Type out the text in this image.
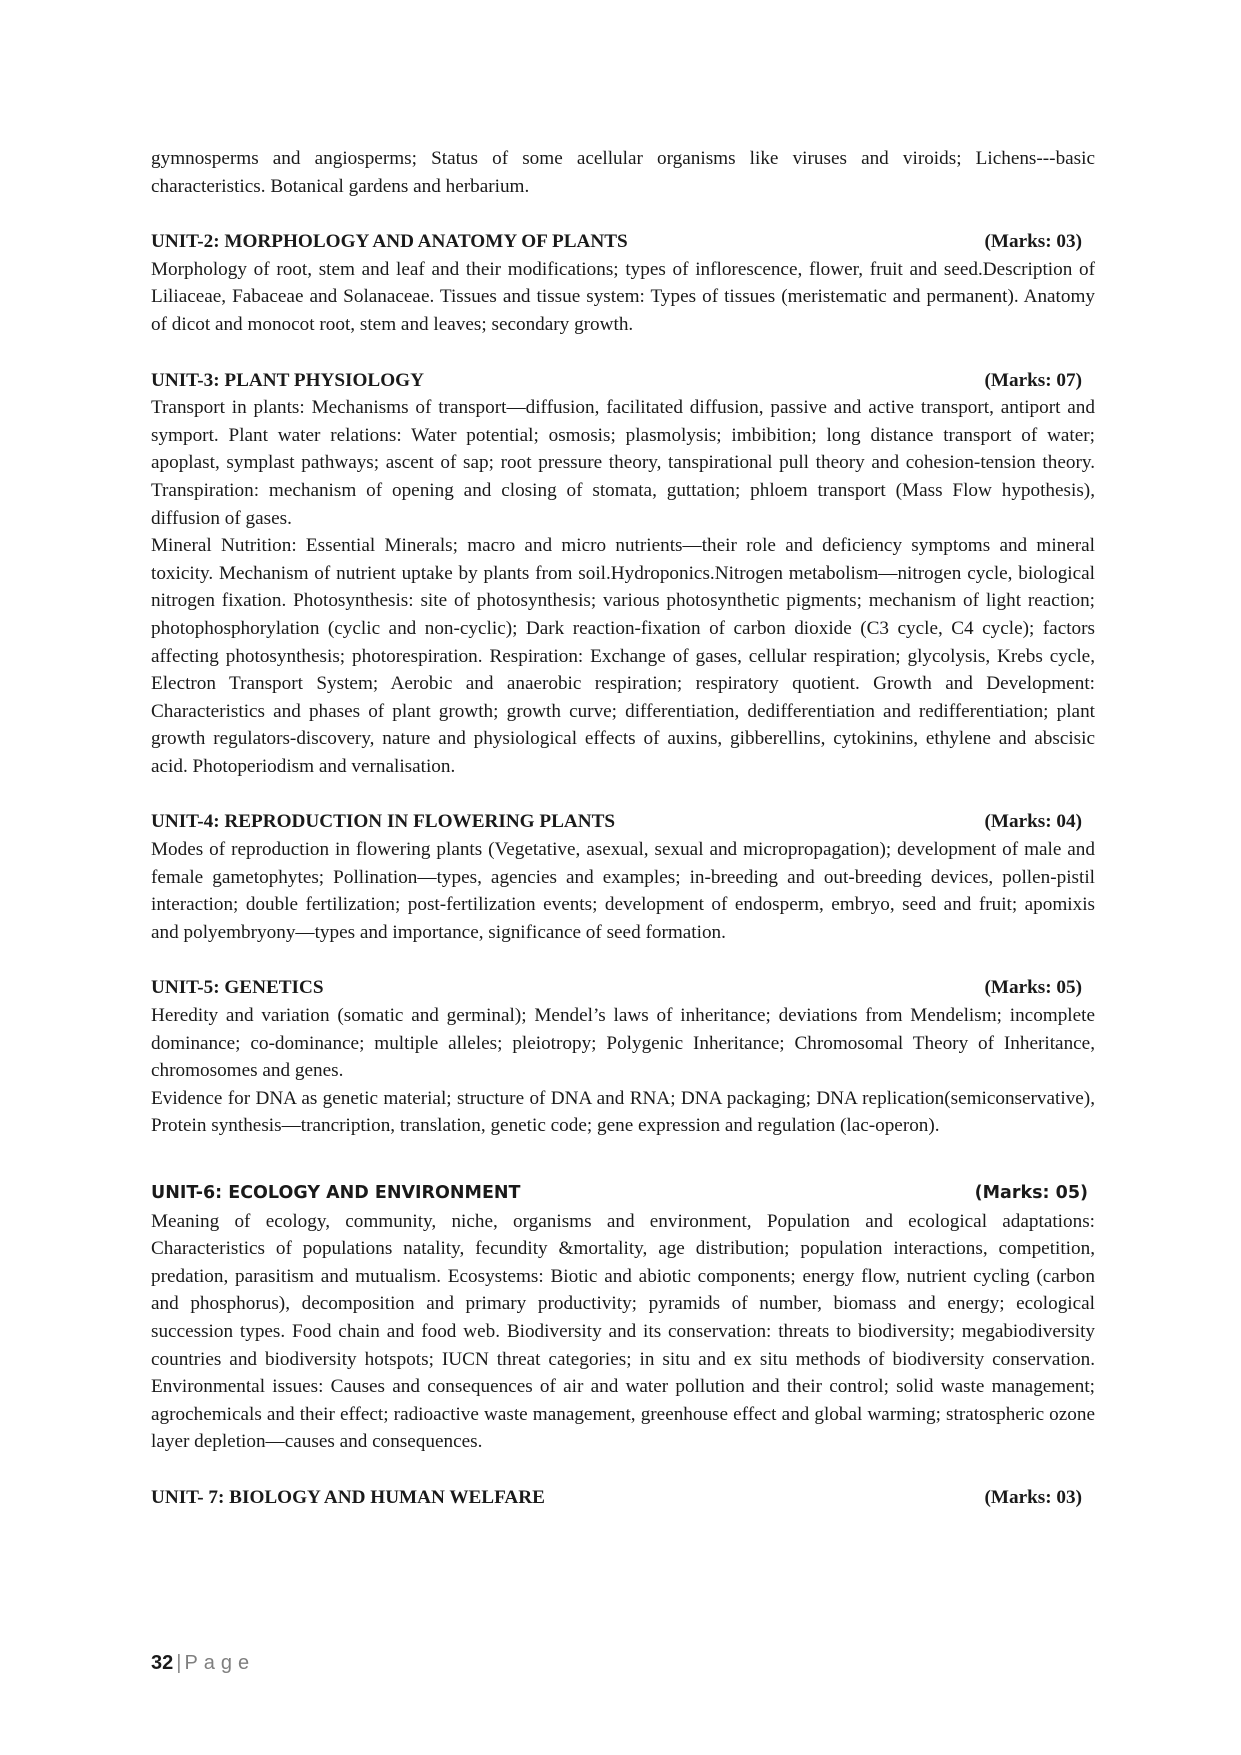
gymnosperms and angiosperms; Status of some acellular organisms like viruses and viroids; Lichens---basic characteristics. Botanical gardens and herbarium.

UNIT-2: MORPHOLOGY AND ANATOMY OF PLANTS	(Marks: 03)

Morphology of root, stem and leaf and their modifications; types of inflorescence, flower, fruit and seed.Description of Liliaceae, Fabaceae and Solanaceae. Tissues and tissue system: Types of tissues (meristematic and permanent). Anatomy of dicot and monocot root, stem and leaves; secondary growth.

UNIT-3: PLANT PHYSIOLOGY	(Marks: 07)

Transport in plants: Mechanisms of transport—diffusion, facilitated diffusion, passive and active transport, antiport and symport. Plant water relations: Water potential; osmosis; plasmolysis; imbibition; long distance transport of water; apoplast, symplast pathways; ascent of sap; root pressure theory, tanspirational pull theory and cohesion-tension theory. Transpiration: mechanism of opening and closing of stomata, guttation; phloem transport (Mass Flow hypothesis), diffusion of gases.

Mineral Nutrition: Essential Minerals; macro and micro nutrients—their role and deficiency symptoms and mineral toxicity. Mechanism of nutrient uptake by plants from soil.Hydroponics.Nitrogen metabolism—nitrogen cycle, biological nitrogen fixation. Photosynthesis: site of photosynthesis; various photosynthetic pigments; mechanism of light reaction; photophosphorylation (cyclic and non-cyclic); Dark reaction-fixation of carbon dioxide (C3 cycle, C4 cycle); factors affecting photosynthesis; photorespiration. Respiration: Exchange of gases, cellular respiration; glycolysis, Krebs cycle, Electron Transport System; Aerobic and anaerobic respiration; respiratory quotient. Growth and Development: Characteristics and phases of plant growth; growth curve; differentiation, dedifferentiation and redifferentiation; plant growth regulators-discovery, nature and physiological effects of auxins, gibberellins, cytokinins, ethylene and abscisic acid. Photoperiodism and vernalisation.

UNIT-4: REPRODUCTION IN FLOWERING PLANTS	(Marks: 04)

Modes of reproduction in flowering plants (Vegetative, asexual, sexual and micropropagation); development of male and female gametophytes; Pollination—types, agencies and examples; in-breeding and out-breeding devices, pollen-pistil interaction; double fertilization; post-fertilization events; development of endosperm, embryo, seed and fruit; apomixis and polyembryony—types and importance, significance of seed formation.

UNIT-5: GENETICS	(Marks: 05)

Heredity and variation (somatic and germinal); Mendel’s laws of inheritance; deviations from Mendelism; incomplete dominance; co-dominance; multiple alleles; pleiotropy; Polygenic Inheritance; Chromosomal Theory of Inheritance, chromosomes and genes.

Evidence for DNA as genetic material; structure of DNA and RNA; DNA packaging; DNA replication(semiconservative), Protein synthesis—trancription, translation, genetic code; gene expression and regulation (lac-operon).

UNIT-6: ECOLOGY AND ENVIRONMENT	(Marks: 05)

Meaning of ecology, community, niche, organisms and environment, Population and ecological adaptations: Characteristics of populations natality, fecundity &mortality, age distribution; population interactions, competition, predation, parasitism and mutualism. Ecosystems: Biotic and abiotic components; energy flow, nutrient cycling (carbon and phosphorus), decomposition and primary productivity; pyramids of number, biomass and energy; ecological succession types. Food chain and food web. Biodiversity and its conservation: threats to biodiversity; megabiodiversity countries and biodiversity hotspots; IUCN threat categories; in situ and ex situ methods of biodiversity conservation. Environmental issues: Causes and consequences of air and water pollution and their control; solid waste management; agrochemicals and their effect; radioactive waste management, greenhouse effect and global warming; stratospheric ozone layer depletion—causes and consequences.

UNIT- 7: BIOLOGY AND HUMAN WELFARE	(Marks: 03)
32 | Page
